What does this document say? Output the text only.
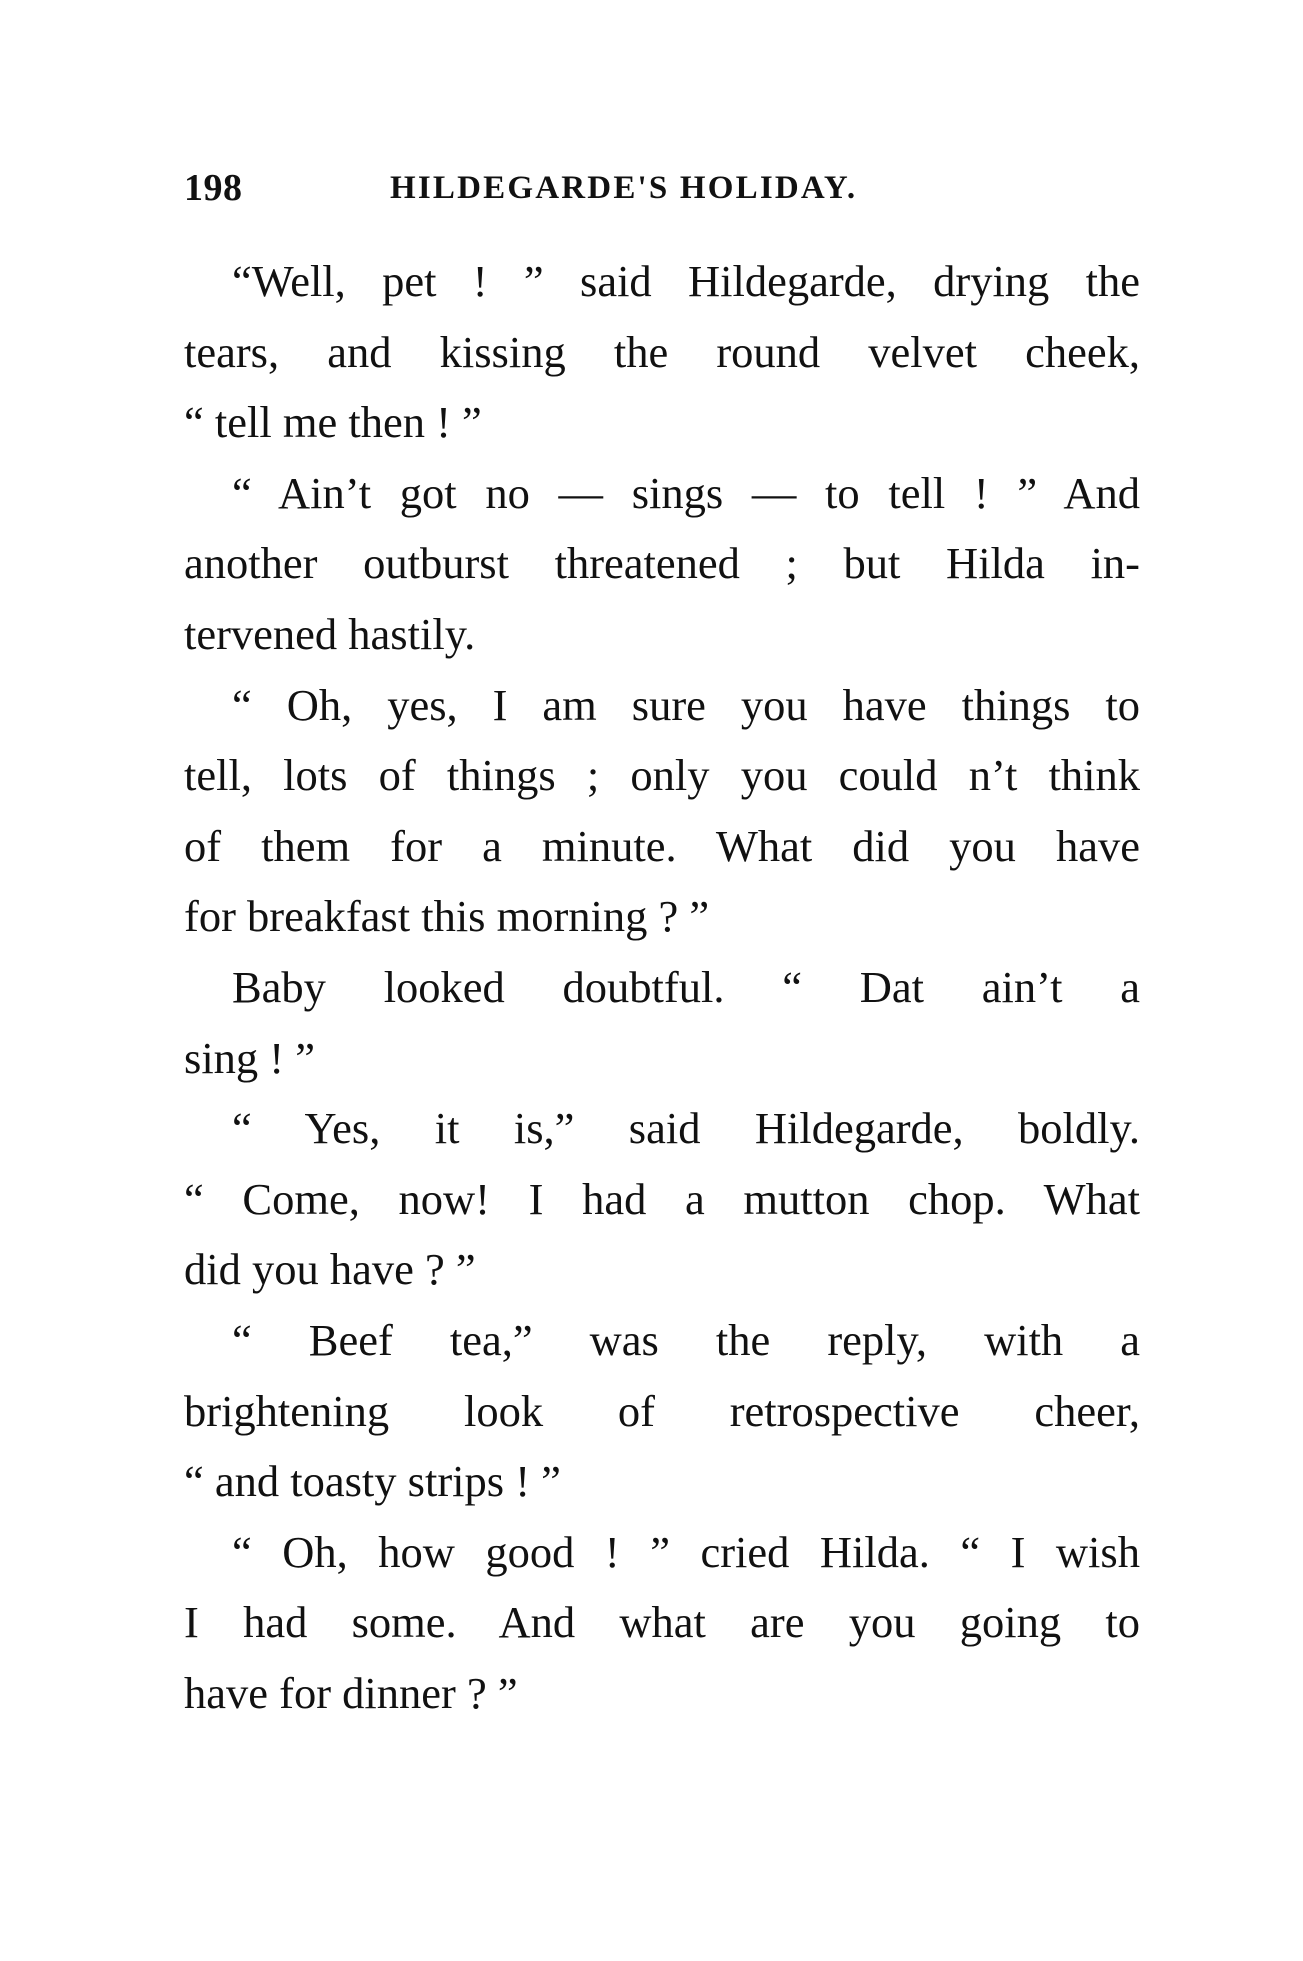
198	HILDEGARDE'S HOLIDAY.
“Well, pet ! ” said Hildegarde, drying the
tears, and kissing the round velvet cheek,
“ tell me then ! ”
“ Ain’t got no — sings — to tell ! ” And
another outburst threatened ; but Hilda in-
tervened hastily.
“ Oh, yes, I am sure you have things to
tell, lots of things ; only you could n’t think
of them for a minute. What did you have
for breakfast this morning ? ”
Baby looked doubtful. “ Dat ain’t a
sing ! ”
“ Yes, it is,” said Hildegarde, boldly.
“ Come, now! I had a mutton chop. What
did you have ? ”
“ Beef tea,” was the reply, with a
brightening look of retrospective cheer,
“ and toasty strips ! ”
“ Oh, how good ! ” cried Hilda. “ I wish
I had some. And what are you going to
have for dinner ? ”
